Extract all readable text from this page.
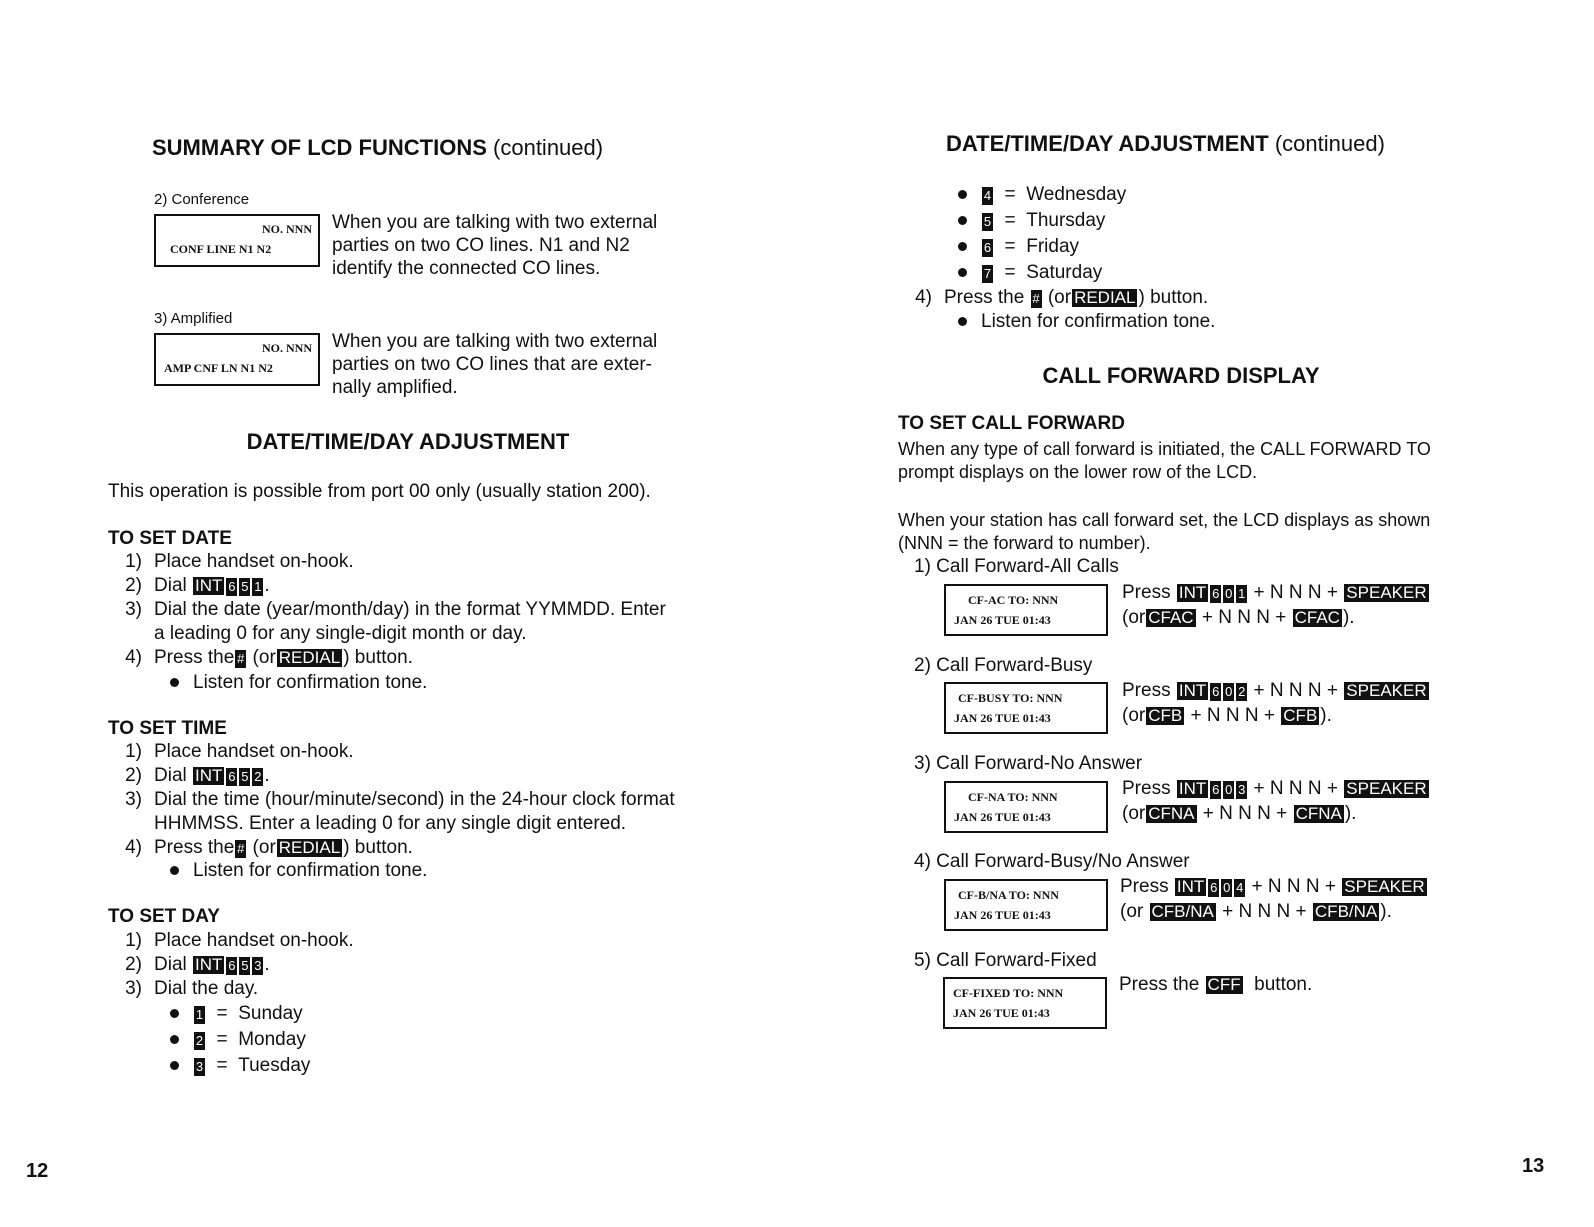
SUMMARY OF LCD FUNCTIONS (continued)
2) Conference
NO. NNN
CONF LINE N1 N2
When you are talking with two external
parties on two CO lines. N1 and N2
identify the connected CO lines.
3) Amplified
NO. NNN
AMP CNF LN N1 N2
When you are talking with two external
parties on two CO lines that are exter-
nally amplified.
DATE/TIME/DAY ADJUSTMENT
This operation is possible from port 00 only (usually station 200).
TO SET DATE
1) Place handset on-hook.
2) Dial INT 6 5 1 .
3) Dial the date (year/month/day) in the format YYMMDD. Enter
a leading 0 for any single-digit month or day.
4) Press the # (or REDIAL ) button.
Listen for confirmation tone.
TO SET TIME
1) Place handset on-hook.
2) Dial INT 6 5 2 .
3) Dial the time (hour/minute/second) in the 24-hour clock format
HHMMSS. Enter a leading 0 for any single digit entered.
4) Press the # (or REDIAL ) button.
Listen for confirmation tone.
TO SET DAY
1) Place handset on-hook.
2) Dial INT 6 5 3 .
3) Dial the day.
1  =  Sunday
2  =  Monday
3  =  Tuesday
12
DATE/TIME/DAY ADJUSTMENT (continued)
4  =  Wednesday
5  =  Thursday
6  =  Friday
7  =  Saturday
4) Press the # (or REDIAL ) button.
Listen for confirmation tone.
CALL FORWARD DISPLAY
TO SET CALL FORWARD
When any type of call forward is initiated, the CALL FORWARD TO
prompt displays on the lower row of the LCD.
When your station has call forward set, the LCD displays as shown
(NNN = the forward to number).
1) Call Forward-All Calls
CF-AC TO: NNN
JAN 26 TUE 01:43
Press INT 6 0 1 + N N N + SPEAKER
(or CFAC + N N N + CFAC ).
2) Call Forward-Busy
CF-BUSY TO: NNN
JAN 26 TUE 01:43
Press INT 6 0 2 + N N N + SPEAKER
(or CFB + N N N + CFB ).
3) Call Forward-No Answer
CF-NA TO: NNN
JAN 26 TUE 01:43
Press INT 6 0 3 + N N N + SPEAKER
(or CFNA + N N N + CFNA ).
4) Call Forward-Busy/No Answer
CF-B/NA TO: NNN
JAN 26 TUE 01:43
Press INT 6 0 4 + N N N + SPEAKER
(or CFB/NA + N N N + CFB/NA ).
5) Call Forward-Fixed
CF-FIXED TO: NNN
JAN 26 TUE 01:43
Press the CFF button.
13
